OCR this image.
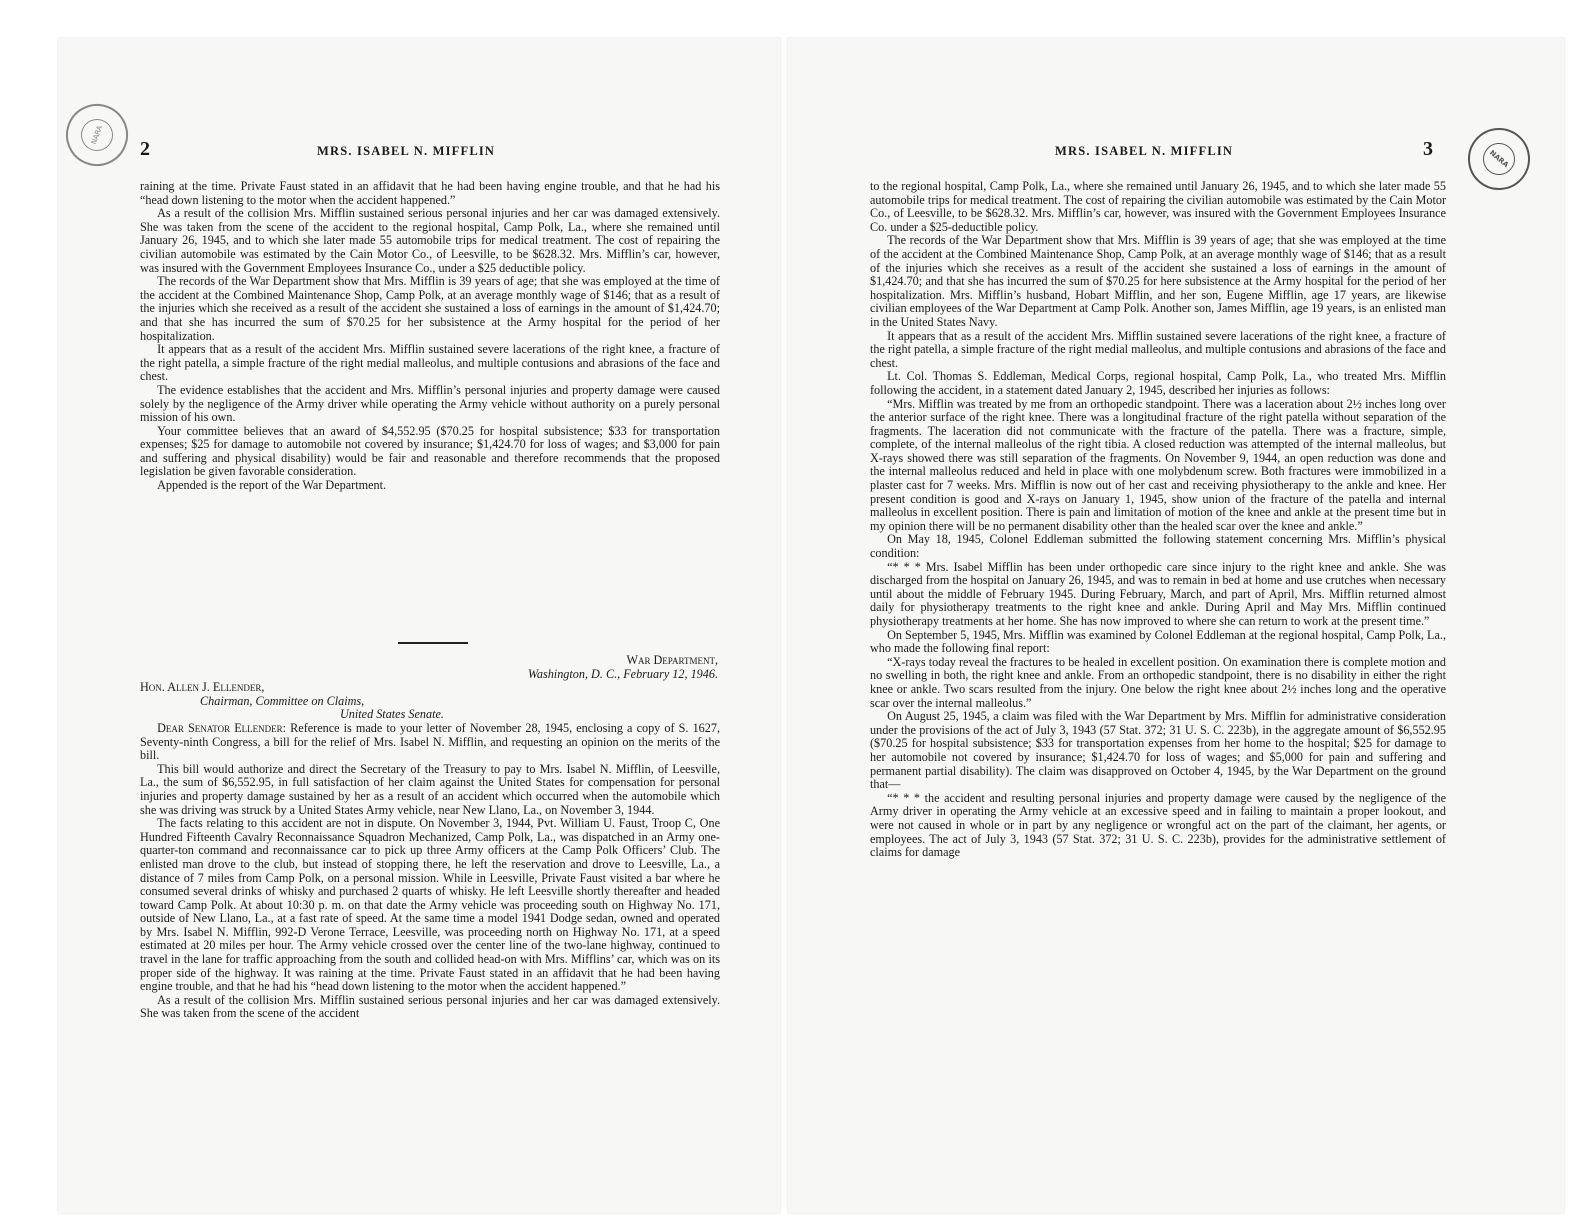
NARA
2	MRS. ISABEL N. MIFFLIN

raining at the time. Private Faust stated in an affidavit that he had been having engine trouble, and that he had his “head down listening to the motor when the accident happened.”

As a result of the collision Mrs. Mifflin sustained serious personal injuries and her car was damaged extensively. She was taken from the scene of the accident to the regional hospital, Camp Polk, La., where she remained until January 26, 1945, and to which she later made 55 automobile trips for medical treatment. The cost of repairing the civilian automobile was estimated by the Cain Motor Co., of Leesville, to be $628.32. Mrs. Mifflin’s car, however, was insured with the Government Employees Insurance Co., under a $25 deductible policy.

The records of the War Department show that Mrs. Mifflin is 39 years of age; that she was employed at the time of the accident at the Combined Maintenance Shop, Camp Polk, at an average monthly wage of $146; that as a result of the injuries which she received as a result of the accident she sustained a loss of earnings in the amount of $1,424.70; and that she has incurred the sum of $70.25 for her subsistence at the Army hospital for the period of her hospitalization.

It appears that as a result of the accident Mrs. Mifflin sustained severe lacerations of the right knee, a fracture of the right patella, a simple fracture of the right medial malleolus, and multiple contusions and abrasions of the face and chest.

The evidence establishes that the accident and Mrs. Mifflin’s personal injuries and property damage were caused solely by the negligence of the Army driver while operating the Army vehicle without authority on a purely personal mission of his own.

Your committee believes that an award of $4,552.95 ($70.25 for hospital subsistence; $33 for transportation expenses; $25 for damage to automobile not covered by insurance; $1,424.70 for loss of wages; and $3,000 for pain and suffering and physical disability) would be fair and reasonable and therefore recommends that the proposed legislation be given favorable consideration.

Appended is the report of the War Department.

War Department,
Washington, D. C., February 12, 1946.
Hon. Allen J. Ellender,
Chairman, Committee on Claims,
United States Senate.

Dear Senator Ellender: Reference is made to your letter of November 28, 1945, enclosing a copy of S. 1627, Seventy-ninth Congress, a bill for the relief of Mrs. Isabel N. Mifflin, and requesting an opinion on the merits of the bill.

This bill would authorize and direct the Secretary of the Treasury to pay to Mrs. Isabel N. Mifflin, of Leesville, La., the sum of $6,552.95, in full satisfaction of her claim against the United States for compensation for personal injuries and property damage sustained by her as a result of an accident which occurred when the automobile which she was driving was struck by a United States Army vehicle, near New Llano, La., on November 3, 1944.

The facts relating to this accident are not in dispute. On November 3, 1944, Pvt. William U. Faust, Troop C, One Hundred Fifteenth Cavalry Reconnaissance Squadron Mechanized, Camp Polk, La., was dispatched in an Army one-quarter-ton command and reconnaissance car to pick up three Army officers at the Camp Polk Officers’ Club. The enlisted man drove to the club, but instead of stopping there, he left the reservation and drove to Leesville, La., a distance of 7 miles from Camp Polk, on a personal mission. While in Leesville, Private Faust visited a bar where he consumed several drinks of whisky and purchased 2 quarts of whisky. He left Leesville shortly thereafter and headed toward Camp Polk. At about 10:30 p. m. on that date the Army vehicle was proceeding south on Highway No. 171, outside of New Llano, La., at a fast rate of speed. At the same time a model 1941 Dodge sedan, owned and operated by Mrs. Isabel N. Mifflin, 992-D Verone Terrace, Leesville, was proceeding north on Highway No. 171, at a speed estimated at 20 miles per hour. The Army vehicle crossed over the center line of the two-lane highway, continued to travel in the lane for traffic approaching from the south and collided head-on with Mrs. Mifflins’ car, which was on its proper side of the highway. It was raining at the time. Private Faust stated in an affidavit that he had been having engine trouble, and that he had his “head down listening to the motor when the accident happened.”

As a result of the collision Mrs. Mifflin sustained serious personal injuries and her car was damaged extensively. She was taken from the scene of the accident

NARA
MRS. ISABEL N. MIFFLIN	3

to the regional hospital, Camp Polk, La., where she remained until January 26, 1945, and to which she later made 55 automobile trips for medical treatment. The cost of repairing the civilian automobile was estimated by the Cain Motor Co., of Leesville, to be $628.32. Mrs. Mifflin’s car, however, was insured with the Government Employees Insurance Co. under a $25-deductible policy.

The records of the War Department show that Mrs. Mifflin is 39 years of age; that she was employed at the time of the accident at the Combined Maintenance Shop, Camp Polk, at an average monthly wage of $146; that as a result of the injuries which she receives as a result of the accident she sustained a loss of earnings in the amount of $1,424.70; and that she has incurred the sum of $70.25 for here subsistence at the Army hospital for the period of her hospitalization. Mrs. Mifflin’s husband, Hobart Mifflin, and her son, Eugene Mifflin, age 17 years, are likewise civilian employees of the War Department at Camp Polk. Another son, James Mifflin, age 19 years, is an enlisted man in the United States Navy.

It appears that as a result of the accident Mrs. Mifflin sustained severe lacerations of the right knee, a fracture of the right patella, a simple fracture of the right medial malleolus, and multiple contusions and abrasions of the face and chest.

Lt. Col. Thomas S. Eddleman, Medical Corps, regional hospital, Camp Polk, La., who treated Mrs. Mifflin following the accident, in a statement dated January 2, 1945, described her injuries as follows:

“Mrs. Mifflin was treated by me from an orthopedic standpoint. There was a laceration about 2½ inches long over the anterior surface of the right knee. There was a longitudinal fracture of the right patella without separation of the fragments. The laceration did not communicate with the fracture of the patella. There was a fracture, simple, complete, of the internal malleolus of the right tibia. A closed reduction was attempted of the internal malleolus, but X-rays showed there was still separation of the fragments. On November 9, 1944, an open reduction was done and the internal malleolus reduced and held in place with one molybdenum screw. Both fractures were immobilized in a plaster cast for 7 weeks. Mrs. Mifflin is now out of her cast and receiving physiotherapy to the ankle and knee. Her present condition is good and X-rays on January 1, 1945, show union of the fracture of the patella and internal malleolus in excellent position. There is pain and limitation of motion of the knee and ankle at the present time but in my opinion there will be no permanent disability other than the healed scar over the knee and ankle.”

On May 18, 1945, Colonel Eddleman submitted the following statement concerning Mrs. Mifflin’s physical condition:

“* * * Mrs. Isabel Mifflin has been under orthopedic care since injury to the right knee and ankle. She was discharged from the hospital on January 26, 1945, and was to remain in bed at home and use crutches when necessary until about the middle of February 1945. During February, March, and part of April, Mrs. Mifflin returned almost daily for physiotherapy treatments to the right knee and ankle. During April and May Mrs. Mifflin continued physiotherapy treatments at her home. She has now improved to where she can return to work at the present time.”

On September 5, 1945, Mrs. Mifflin was examined by Colonel Eddleman at the regional hospital, Camp Polk, La., who made the following final report:

“X-rays today reveal the fractures to be healed in excellent position. On examination there is complete motion and no swelling in both, the right knee and ankle. From an orthopedic standpoint, there is no disability in either the right knee or ankle. Two scars resulted from the injury. One below the right knee about 2½ inches long and the operative scar over the internal malleolus.”

On August 25, 1945, a claim was filed with the War Department by Mrs. Mifflin for administrative consideration under the provisions of the act of July 3, 1943 (57 Stat. 372; 31 U. S. C. 223b), in the aggregate amount of $6,552.95 ($70.25 for hospital subsistence; $33 for transportation expenses from her home to the hospital; $25 for damage to her automobile not covered by insurance; $1,424.70 for loss of wages; and $5,000 for pain and suffering and permanent partial disability). The claim was disapproved on October 4, 1945, by the War Department on the ground that—

“* * * the accident and resulting personal injuries and property damage were caused by the negligence of the Army driver in operating the Army vehicle at an excessive speed and in failing to maintain a proper lookout, and were not caused in whole or in part by any negligence or wrongful act on the part of the claimant, her agents, or employees. The act of July 3, 1943 (57 Stat. 372; 31 U. S. C. 223b), provides for the administrative settlement of claims for damage
